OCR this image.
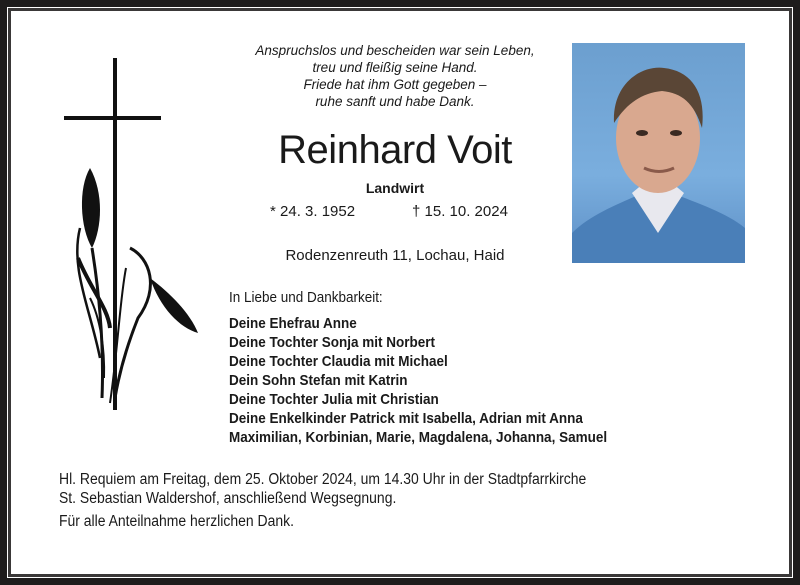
Anspruchslos und bescheiden war sein Leben,
treu und fleißig seine Hand.
Friede hat ihm Gott gegeben –
ruhe sanft und habe Dank.
Reinhard Voit
Landwirt
* 24. 3. 1952	† 15. 10. 2024
Rodenzenreuth 11, Lochau, Haid
In Liebe und Dankbarkeit:
Deine Ehefrau Anne
Deine Tochter Sonja mit Norbert
Deine Tochter Claudia mit Michael
Dein Sohn Stefan mit Katrin
Deine Tochter Julia mit Christian
Deine Enkelkinder Patrick mit Isabella, Adrian mit Anna
Maximilian, Korbinian, Marie, Magdalena, Johanna, Samuel
Hl. Requiem am Freitag, dem 25. Oktober 2024, um 14.30 Uhr in der Stadtpfarrkirche
St. Sebastian Waldershof, anschließend Wegsegnung.
Für alle Anteilnahme herzlichen Dank.
